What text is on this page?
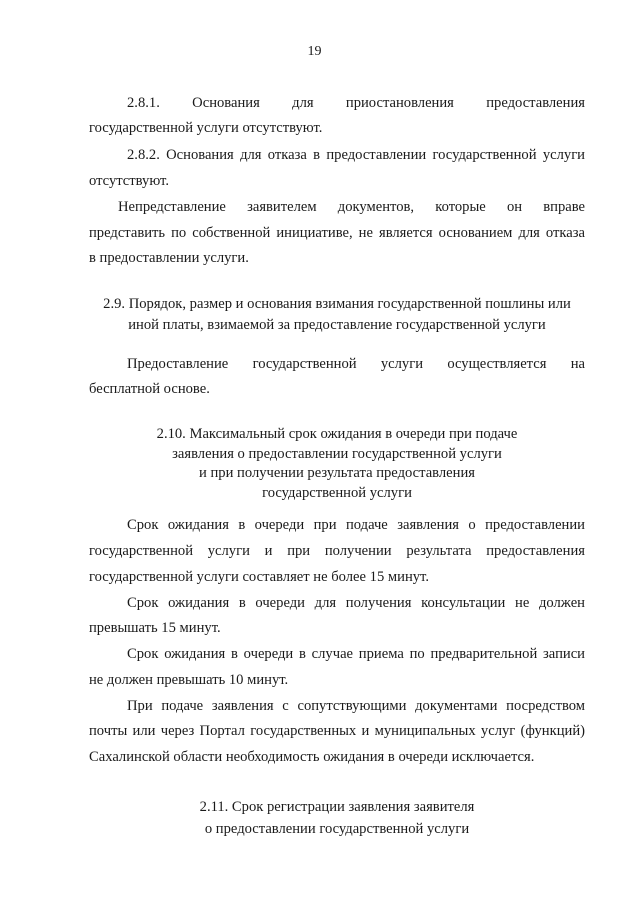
19
2.8.1. Основания для приостановления предоставления
государственной услуги отсутствуют.
2.8.2. Основания для отказа в предоставлении государственной услуги
отсутствуют.
Непредставление заявителем документов, которые он вправе
представить по собственной инициативе, не является основанием для отказа
в предоставлении услуги.
2.9. Порядок, размер и основания взимания государственной пошлины или
иной платы, взимаемой за предоставление государственной услуги
Предоставление государственной услуги осуществляется на
бесплатной основе.
2.10. Максимальный срок ожидания в очереди при подаче
заявления о предоставлении государственной услуги
и при получении результата предоставления
государственной услуги
Срок ожидания в очереди при подаче заявления о предоставлении
государственной услуги и при получении результата предоставления
государственной услуги составляет не более 15 минут.
Срок ожидания в очереди для получения консультации не должен
превышать 15 минут.
Срок ожидания в очереди в случае приема по предварительной записи
не должен превышать 10 минут.
При подаче заявления с сопутствующими документами посредством
почты или через Портал государственных и муниципальных услуг (функций)
Сахалинской области необходимость ожидания в очереди исключается.
2.11. Срок регистрации заявления заявителя
о предоставлении государственной услуги
